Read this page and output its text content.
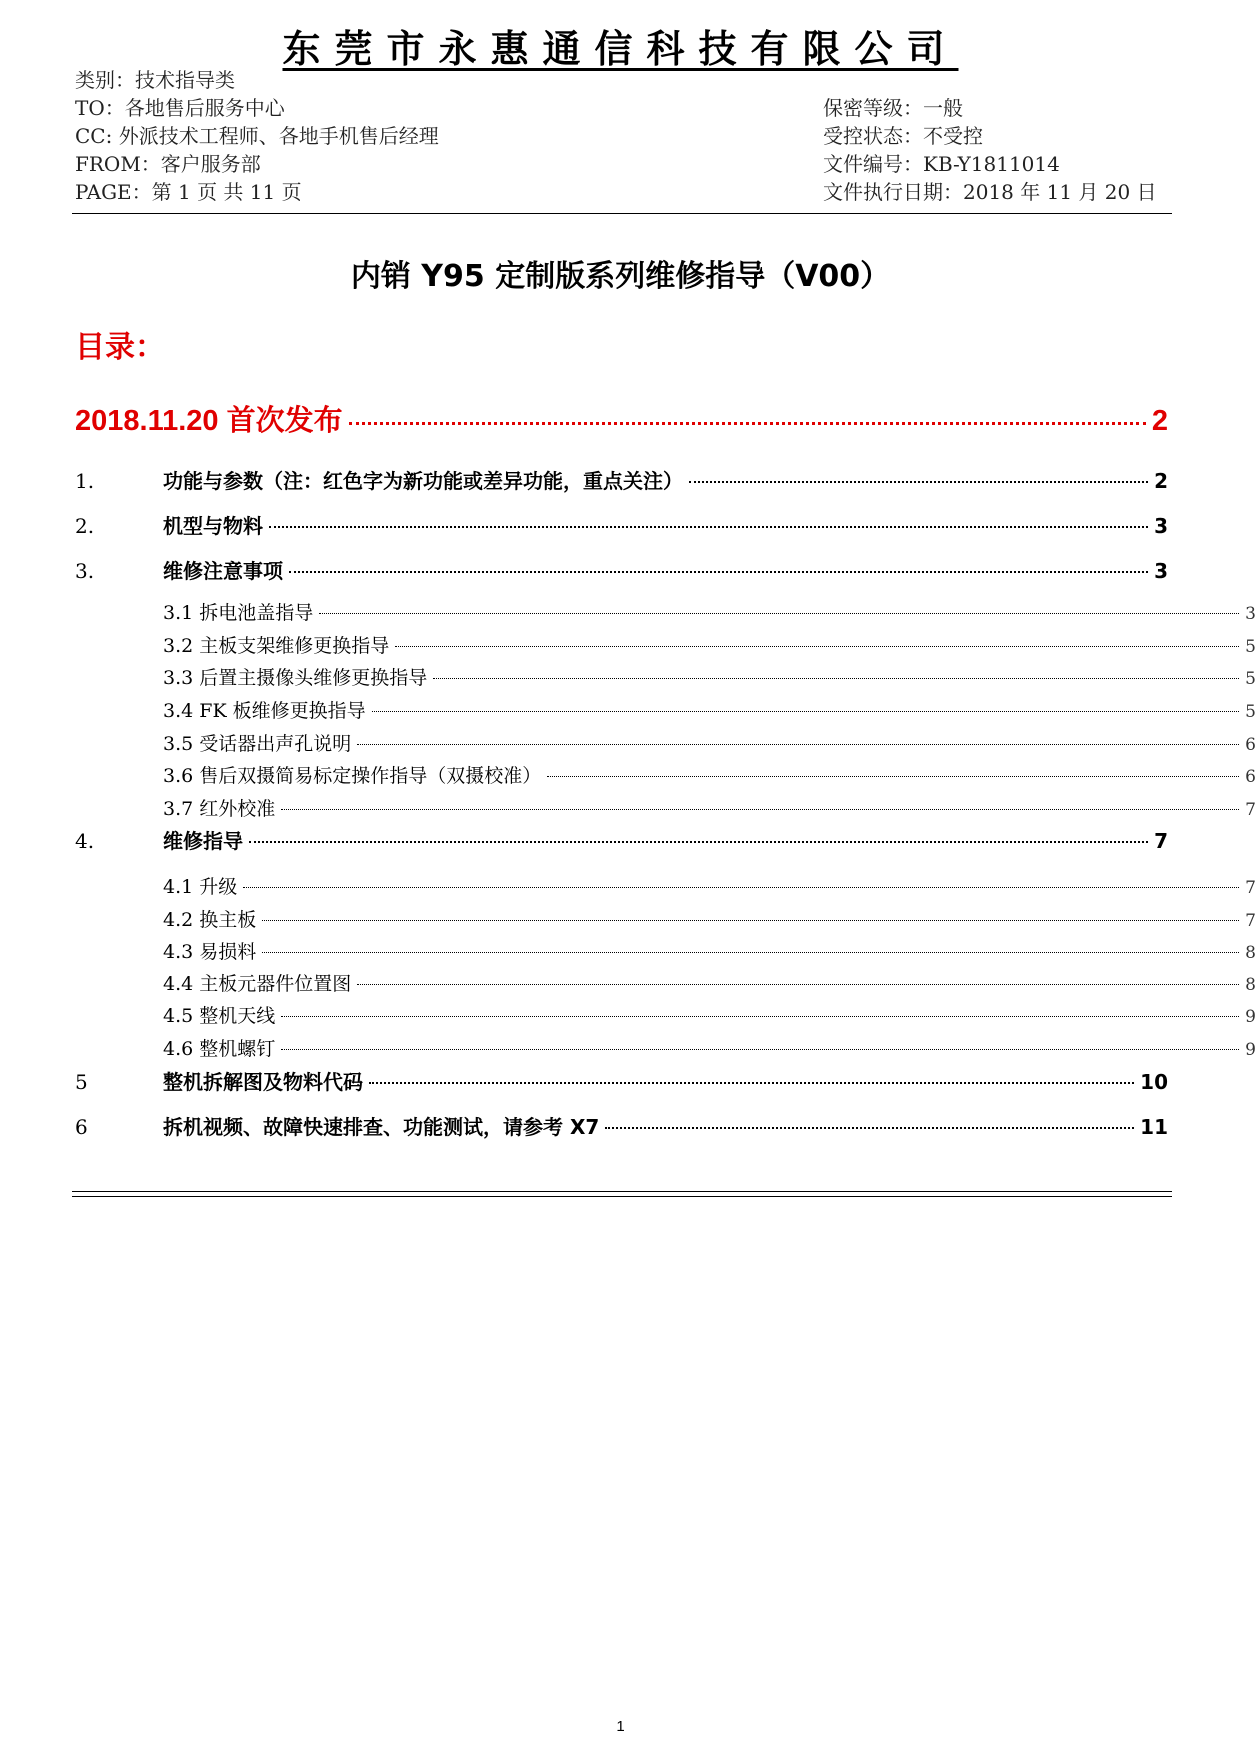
东莞市永惠通信科技有限公司
类别：技术指导类
TO：各地售后服务中心
CC: 外派技术工程师、各地手机售后经理
FROM：客户服务部
PAGE：第 1 页 共 11 页
保密等级：一般
受控状态：不受控
文件编号：KB-Y1811014
文件执行日期：2018 年 11 月 20 日
内销 Y95 定制版系列维修指导（V00）
目录：
2018.11.20 首次发布	2
1.	功能与参数（注：红色字为新功能或差异功能，重点关注）	2
2.	机型与物料	3
3.	维修注意事项	3
3.1 拆电池盖指导	3
3.2 主板支架维修更换指导	5
3.3 后置主摄像头维修更换指导	5
3.4 FK 板维修更换指导	5
3.5 受话器出声孔说明	6
3.6 售后双摄简易标定操作指导（双摄校准）	6
3.7 红外校准	7
4.	维修指导	7
4.1 升级	7
4.2 换主板	7
4.3 易损料	8
4.4 主板元器件位置图	8
4.5 整机天线	9
4.6 整机螺钉	9
5	整机拆解图及物料代码	10
6	拆机视频、故障快速排查、功能测试，请参考 X7	11
1
